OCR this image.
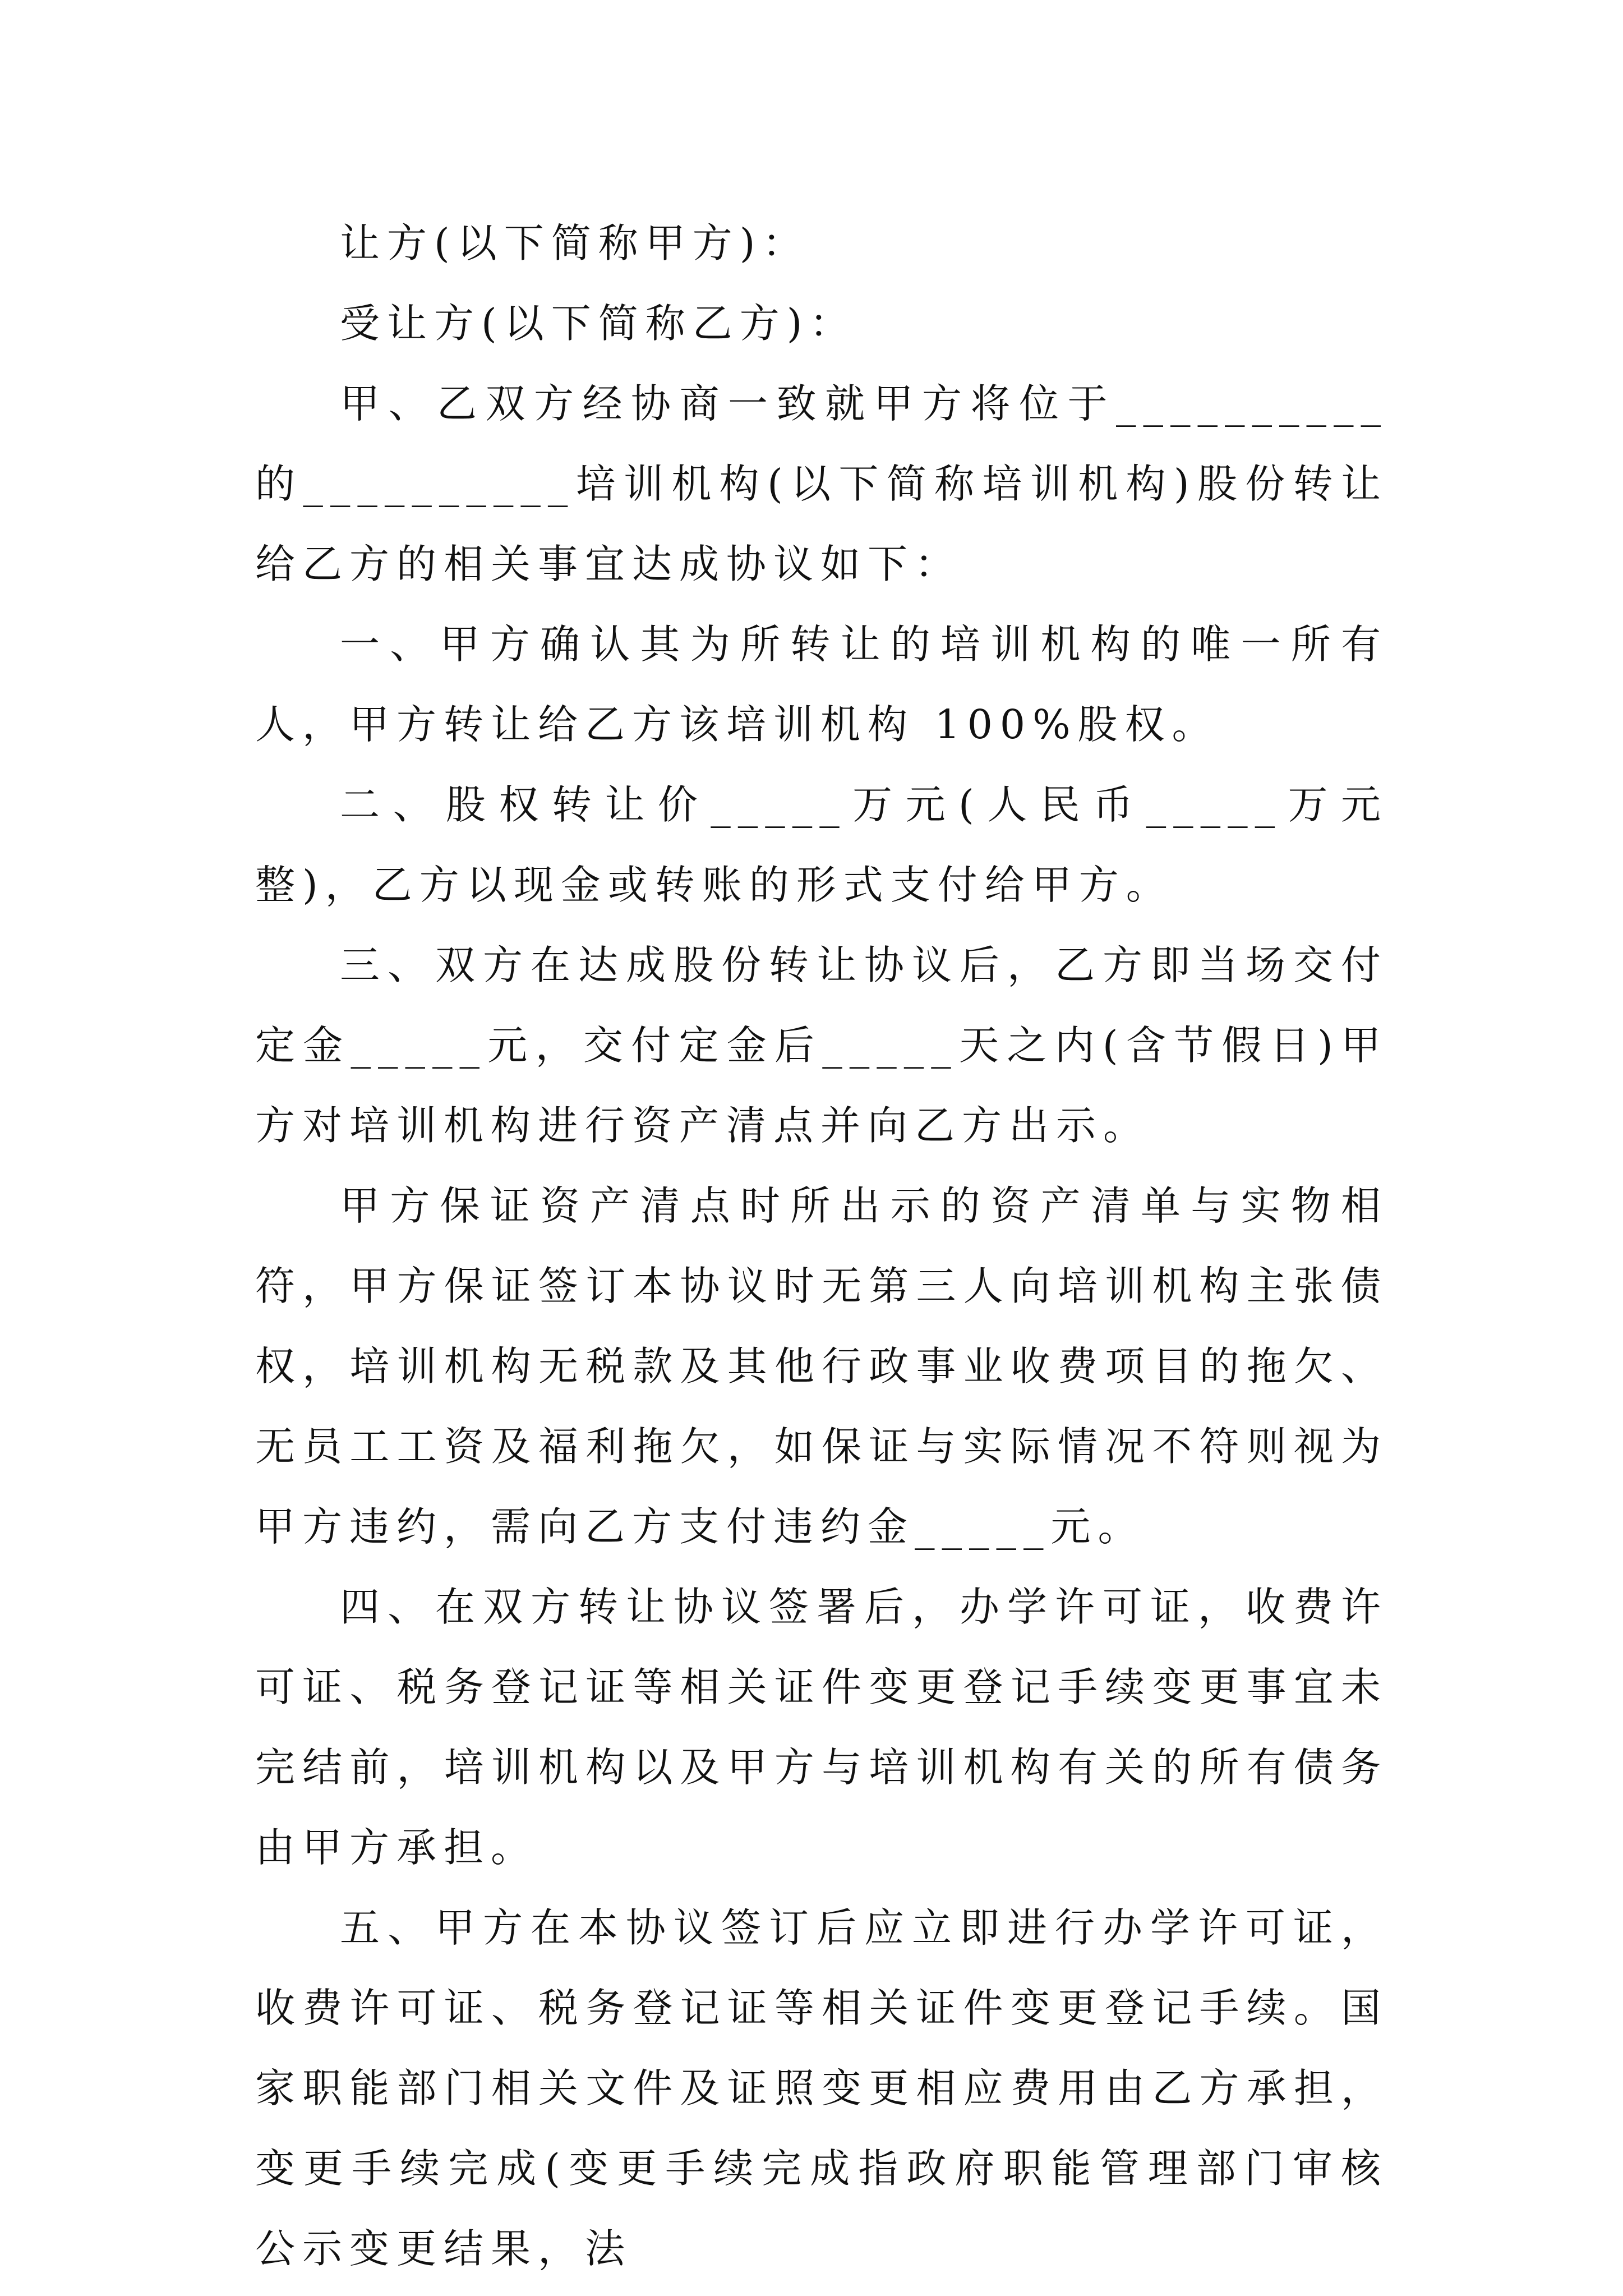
让方(以下简称甲方)：

受让方(以下简称乙方)：

甲、乙双方经协商一致就甲方将位于__________的__________培训机构(以下简称培训机构)股份转让给乙方的相关事宜达成协议如下：

一、甲方确认其为所转让的培训机构的唯一所有人，甲方转让给乙方该培训机构 100%股权。

二、股权转让价_____万元(人民币_____万元整)，乙方以现金或转账的形式支付给甲方。

三、双方在达成股份转让协议后，乙方即当场交付定金_____元，交付定金后_____天之内(含节假日)甲方对培训机构进行资产清点并向乙方出示。

甲方保证资产清点时所出示的资产清单与实物相符，甲方保证签订本协议时无第三人向培训机构主张债权，培训机构无税款及其他行政事业收费项目的拖欠、无员工工资及福利拖欠，如保证与实际情况不符则视为甲方违约，需向乙方支付违约金_____元。

四、在双方转让协议签署后，办学许可证，收费许可证、税务登记证等相关证件变更登记手续变更事宜未完结前，培训机构以及甲方与培训机构有关的所有债务由甲方承担。

五、甲方在本协议签订后应立即进行办学许可证，收费许可证、税务登记证等相关证件变更登记手续。国家职能部门相关文件及证照变更相应费用由乙方承担，变更手续完成(变更手续完成指政府职能管理部门审核公示变更结果，法
